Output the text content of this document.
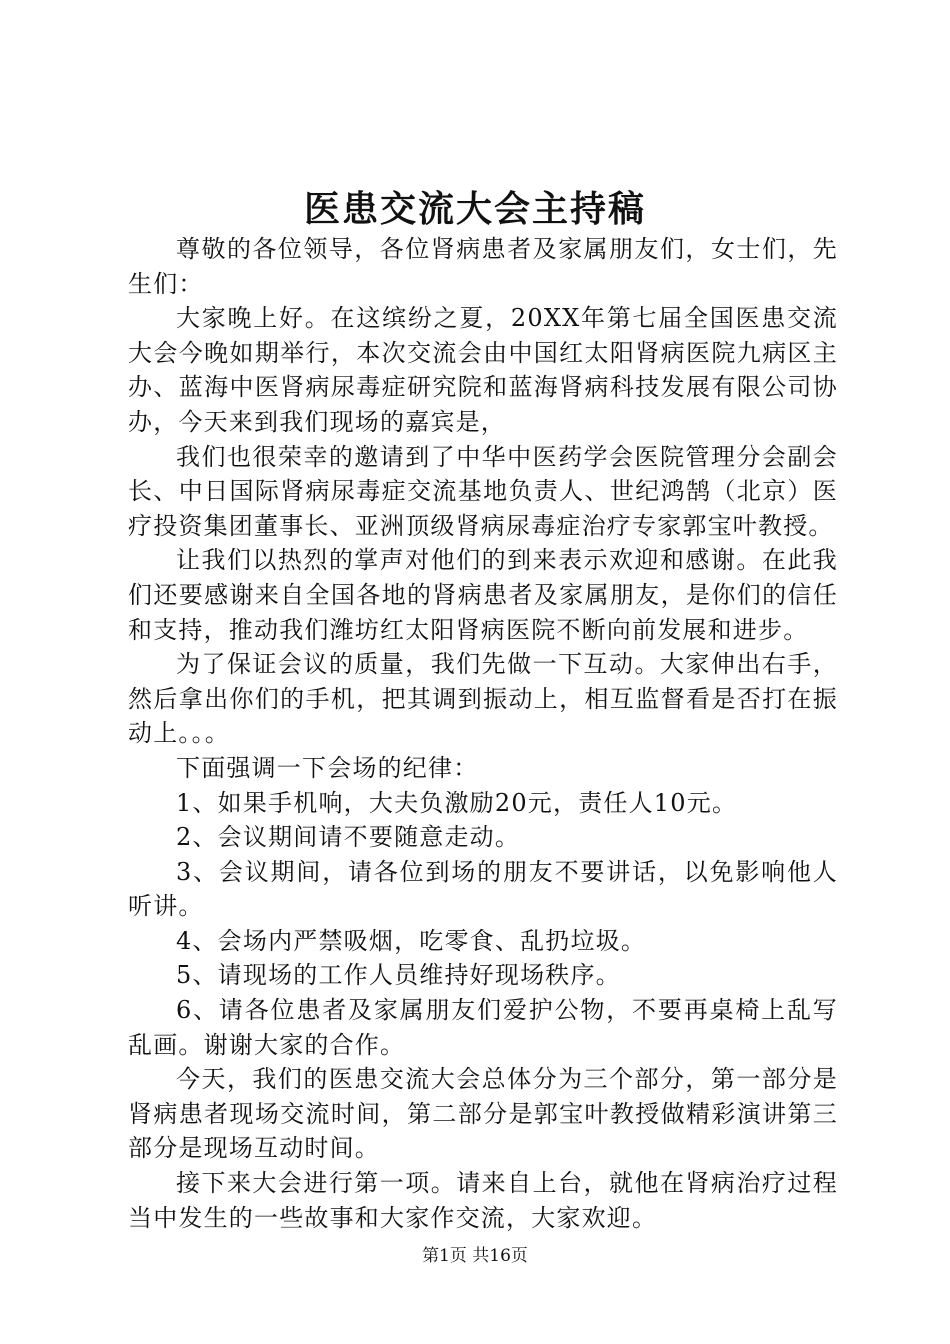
医患交流大会主持稿

尊敬的各位领导，各位肾病患者及家属朋友们，女士们，先生们：

大家晚上好。在这缤纷之夏，20XX年第七届全国医患交流大会今晚如期举行，本次交流会由中国红太阳肾病医院九病区主办、蓝海中医肾病尿毒症研究院和蓝海肾病科技发展有限公司协办，今天来到我们现场的嘉宾是，

我们也很荣幸的邀请到了中华中医药学会医院管理分会副会长、中日国际肾病尿毒症交流基地负责人、世纪鸿鹄（北京）医疗投资集团董事长、亚洲顶级肾病尿毒症治疗专家郭宝叶教授。

让我们以热烈的掌声对他们的到来表示欢迎和感谢。在此我们还要感谢来自全国各地的肾病患者及家属朋友，是你们的信任和支持，推动我们潍坊红太阳肾病医院不断向前发展和进步。

为了保证会议的质量，我们先做一下互动。大家伸出右手，然后拿出你们的手机，把其调到振动上，相互监督看是否打在振动上。。。

下面强调一下会场的纪律：

1、如果手机响，大夫负激励20元，责任人10元。

2、会议期间请不要随意走动。

3、会议期间，请各位到场的朋友不要讲话，以免影响他人听讲。

4、会场内严禁吸烟，吃零食、乱扔垃圾。

5、请现场的工作人员维持好现场秩序。

6、请各位患者及家属朋友们爱护公物，不要再桌椅上乱写乱画。谢谢大家的合作。

今天，我们的医患交流大会总体分为三个部分，第一部分是肾病患者现场交流时间，第二部分是郭宝叶教授做精彩演讲第三部分是现场互动时间。

接下来大会进行第一项。请来自上台，就他在肾病治疗过程当中发生的一些故事和大家作交流，大家欢迎。

第1页 共16页
